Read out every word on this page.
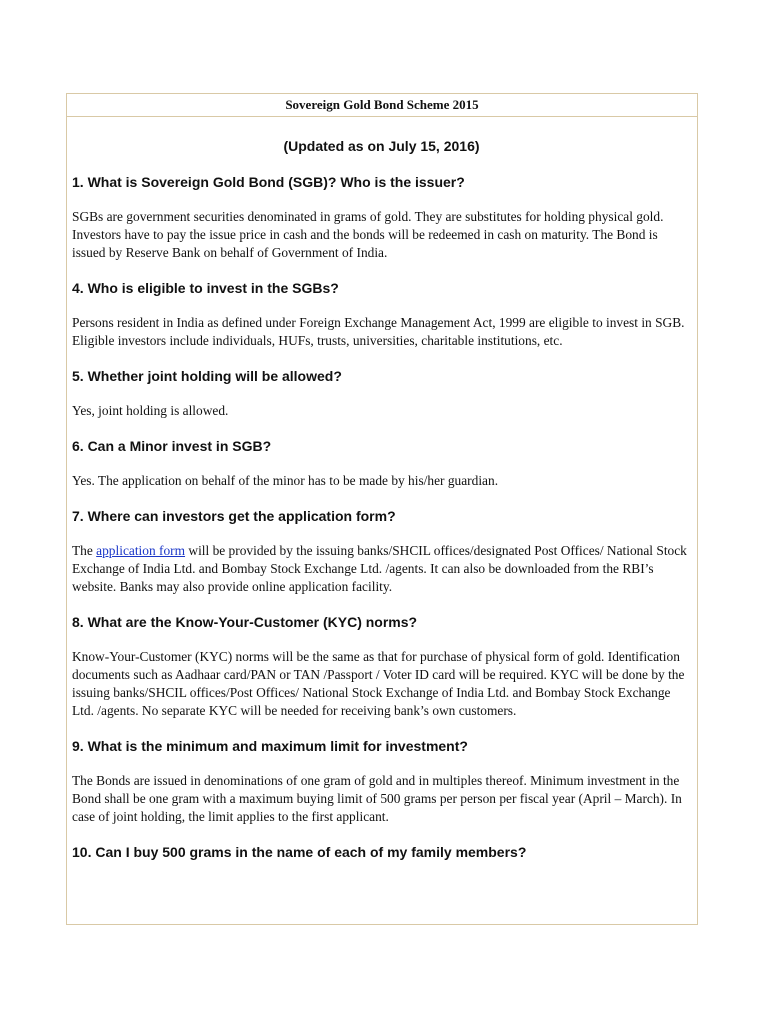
Sovereign Gold Bond Scheme 2015
(Updated as on July 15, 2016)
1. What is Sovereign Gold Bond (SGB)? Who is the issuer?
SGBs are government securities denominated in grams of gold. They are substitutes for holding physical gold. Investors have to pay the issue price in cash and the bonds will be redeemed in cash on maturity. The Bond is issued by Reserve Bank on behalf of Government of India.
4. Who is eligible to invest in the SGBs?
Persons resident in India as defined under Foreign Exchange Management Act, 1999 are eligible to invest in SGB. Eligible investors include individuals, HUFs, trusts, universities, charitable institutions, etc.
5. Whether joint holding will be allowed?
Yes, joint holding is allowed.
6. Can a Minor invest in SGB?
Yes. The application on behalf of the minor has to be made by his/her guardian.
7. Where can investors get the application form?
The application form will be provided by the issuing banks/SHCIL offices/designated Post Offices/ National Stock Exchange of India Ltd. and Bombay Stock Exchange Ltd. /agents. It can also be downloaded from the RBI’s website. Banks may also provide online application facility.
8. What are the Know-Your-Customer (KYC) norms?
Know-Your-Customer (KYC) norms will be the same as that for purchase of physical form of gold. Identification documents such as Aadhaar card/PAN or TAN /Passport / Voter ID card will be required. KYC will be done by the issuing banks/SHCIL offices/Post Offices/ National Stock Exchange of India Ltd. and Bombay Stock Exchange Ltd. /agents. No separate KYC will be needed for receiving bank’s own customers.
9. What is the minimum and maximum limit for investment?
The Bonds are issued in denominations of one gram of gold and in multiples thereof. Minimum investment in the Bond shall be one gram with a maximum buying limit of 500 grams per person per fiscal year (April – March). In case of joint holding, the limit applies to the first applicant.
10. Can I buy 500 grams in the name of each of my family members?
